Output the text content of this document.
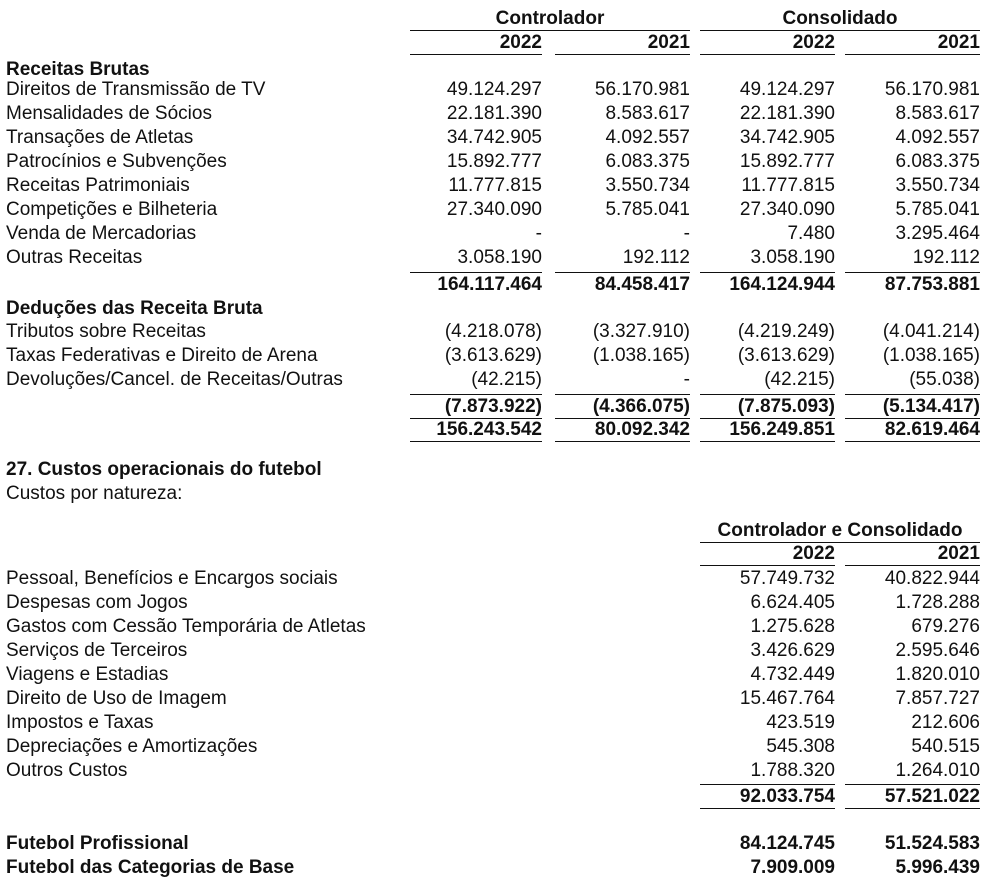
Controlador	Consolidado
2022	2021	2022	2021
Receitas Brutas
Direitos de Transmissão de TV	49.124.297	56.170.981	49.124.297	56.170.981
Mensalidades de Sócios	22.181.390	8.583.617	22.181.390	8.583.617
Transações de Atletas	34.742.905	4.092.557	34.742.905	4.092.557
Patrocínios e Subvenções	15.892.777	6.083.375	15.892.777	6.083.375
Receitas Patrimoniais	11.777.815	3.550.734	11.777.815	3.550.734
Competições e Bilheteria	27.340.090	5.785.041	27.340.090	5.785.041
Venda de Mercadorias	-	-	7.480	3.295.464
Outras Receitas	3.058.190	192.112	3.058.190	192.112
164.117.464	84.458.417	164.124.944	87.753.881
Deduções das Receita Bruta
Tributos sobre Receitas	(4.218.078)	(3.327.910)	(4.219.249)	(4.041.214)
Taxas Federativas e Direito de Arena	(3.613.629)	(1.038.165)	(3.613.629)	(1.038.165)
Devoluções/Cancel. de Receitas/Outras	(42.215)	-	(42.215)	(55.038)
(7.873.922)	(4.366.075)	(7.875.093)	(5.134.417)
156.243.542	80.092.342	156.249.851	82.619.464
27. Custos operacionais do futebol
Custos por natureza:
Controlador e Consolidado
2022	2021
Pessoal, Benefícios e Encargos sociais	57.749.732	40.822.944
Despesas com Jogos	6.624.405	1.728.288
Gastos com Cessão Temporária de Atletas	1.275.628	679.276
Serviços de Terceiros	3.426.629	2.595.646
Viagens e Estadias	4.732.449	1.820.010
Direito de Uso de Imagem	15.467.764	7.857.727
Impostos e Taxas	423.519	212.606
Depreciações e Amortizações	545.308	540.515
Outros Custos	1.788.320	1.264.010
92.033.754	57.521.022
Futebol Profissional	84.124.745	51.524.583
Futebol das Categorias de Base	7.909.009	5.996.439
